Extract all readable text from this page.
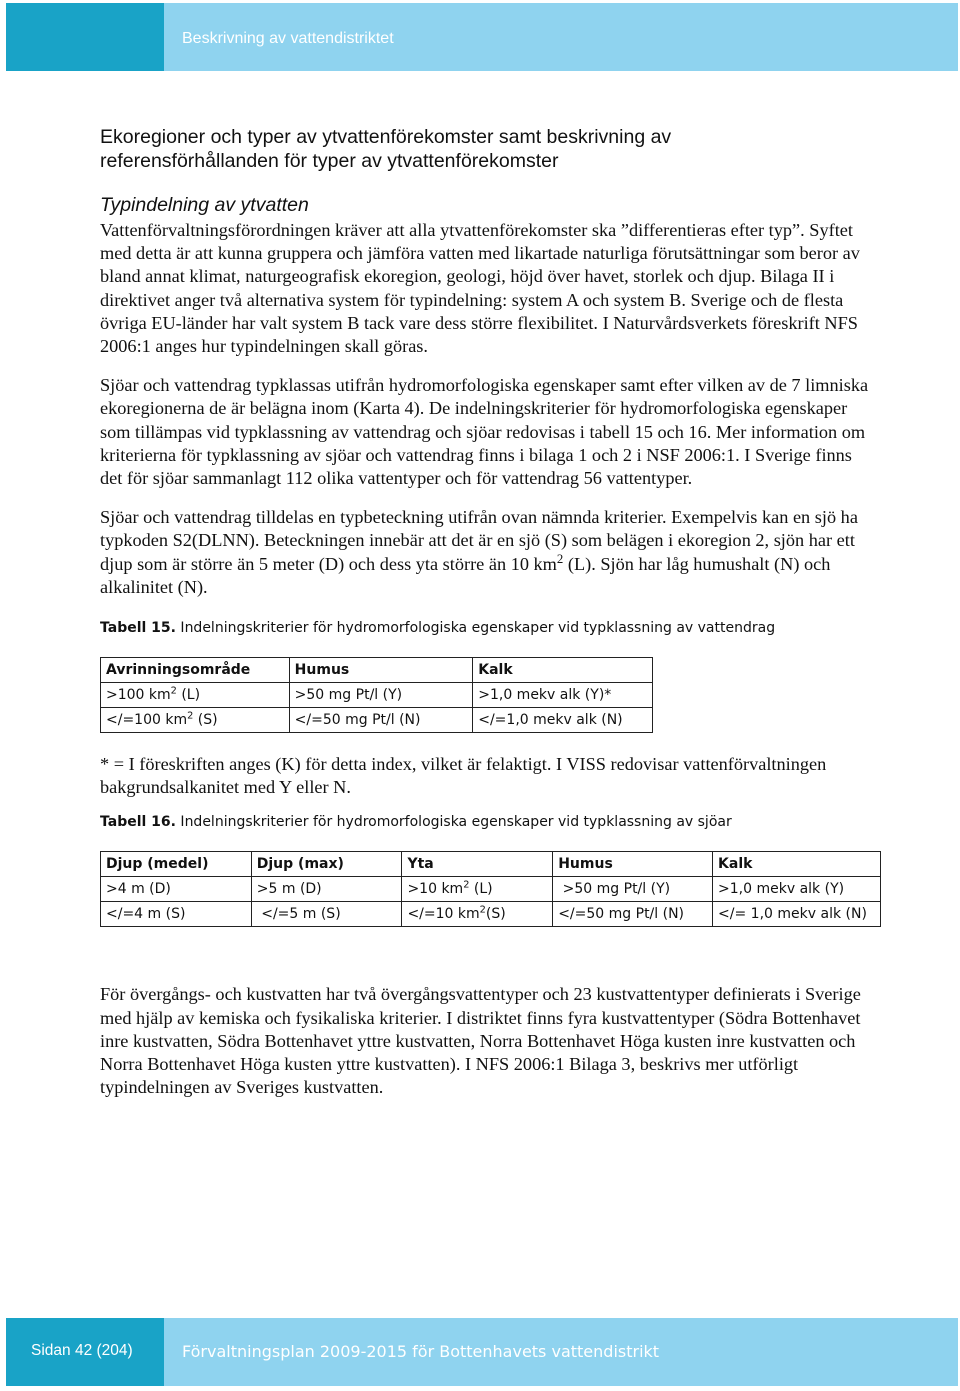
Beskrivning av vattendistriktet
Ekoregioner och typer av ytvattenförekomster samt beskrivning av
referensförhållanden för typer av ytvattenförekomster
Typindelning av ytvatten

Vattenförvaltningsförordningen kräver att alla ytvattenförekomster ska ”differentieras efter typ”. Syftet med detta är att kunna gruppera och jämföra vatten med likartade naturliga förutsättningar som beror av bland annat klimat, naturgeografisk ekoregion, geologi, höjd över havet, storlek och djup. Bilaga II i direktivet anger två alternativa system för typindelning: system A och system B. Sverige och de flesta övriga EU-länder har valt system B tack vare dess större flexibilitet. I Naturvårdsverkets föreskrift NFS 2006:1 anges hur typindelningen skall göras.

Sjöar och vattendrag typklassas utifrån hydromorfologiska egenskaper samt efter vilken av de 7 limniska ekoregionerna de är belägna inom (Karta 4). De indelningskriterier för hydromorfologiska egenskaper som tillämpas vid typklassning av vattendrag och sjöar redovisas i tabell 15 och 16. Mer information om kriterierna för typklassning av sjöar och vattendrag finns i bilaga 1 och 2 i NSF 2006:1. I Sverige finns det för sjöar sammanlagt 112 olika vattentyper och för vattendrag 56 vattentyper.

Sjöar och vattendrag tilldelas en typbeteckning utifrån ovan nämnda kriterier. Exempelvis kan en sjö ha typkoden S2(DLNN). Beteckningen innebär att det är en sjö (S) som belägen i ekoregion 2, sjön har ett djup som är större än 5 meter (D) och dess yta större än 10 $km^2$ (L). Sjön har låg humushalt (N) och alkalinitet (N).

Tabell 15. Indelningskriterier för hydromorfologiska egenskaper vid typklassning av vattendrag
Avrinningsområde	Humus	Kalk
>100 $km^2$ (L)	>50 mg Pt/l (Y)	>1,0 mekv alk (Y)*
</=100 $km^2$ (S)	</=50 mg Pt/l (N)	</=1,0 mekv alk (N)

* = I föreskriften anges (K) för detta index, vilket är felaktigt. I VISS redovisar vattenförvaltningen bakgrundsalkanitet med Y eller N.

Tabell 16. Indelningskriterier för hydromorfologiska egenskaper vid typklassning av sjöar
Djup (medel)	Djup (max)	Yta	Humus	Kalk
>4 m (D)	>5 m (D)	>10 $km^2$ (L)	>50 mg Pt/l (Y)	>1,0 mekv alk (Y)
</=4 m (S)	</=5 m (S)	</=10 $km^2(S)$	</=50 mg Pt/l (N)	</= 1,0 mekv alk (N)

För övergångs- och kustvatten har två övergångsvattentyper och 23 kustvattentyper definierats i Sverige med hjälp av kemiska och fysikaliska kriterier. I distriktet finns fyra kustvattentyper (Södra Bottenhavet inre kustvatten, Södra Bottenhavet yttre kustvatten, Norra Bottenhavet Höga kusten inre kustvatten och Norra Bottenhavet Höga kusten yttre kustvatten). I NFS 2006:1 Bilaga 3, beskrivs mer utförligt typindelningen av Sveriges kustvatten.

Sidan 42 (204)	Förvaltningsplan 2009-2015 för Bottenhavets vattendistrikt
